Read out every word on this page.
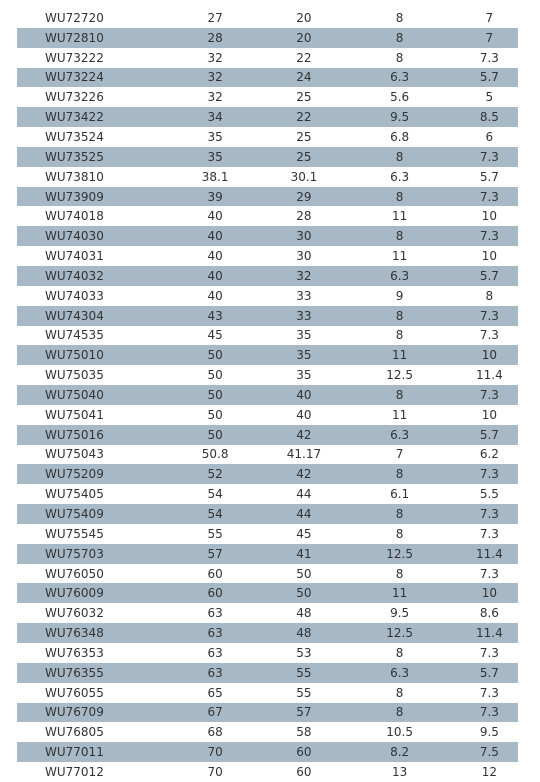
WU72720	27	20	8	7
WU72810	28	20	8	7
WU73222	32	22	8	7.3
WU73224	32	24	6.3	5.7
WU73226	32	25	5.6	5
WU73422	34	22	9.5	8.5
WU73524	35	25	6.8	6
WU73525	35	25	8	7.3
WU73810	38.1	30.1	6.3	5.7
WU73909	39	29	8	7.3
WU74018	40	28	11	10
WU74030	40	30	8	7.3
WU74031	40	30	11	10
WU74032	40	32	6.3	5.7
WU74033	40	33	9	8
WU74304	43	33	8	7.3
WU74535	45	35	8	7.3
WU75010	50	35	11	10
WU75035	50	35	12.5	11.4
WU75040	50	40	8	7.3
WU75041	50	40	11	10
WU75016	50	42	6.3	5.7
WU75043	50.8	41.17	7	6.2
WU75209	52	42	8	7.3
WU75405	54	44	6.1	5.5
WU75409	54	44	8	7.3
WU75545	55	45	8	7.3
WU75703	57	41	12.5	11.4
WU76050	60	50	8	7.3
WU76009	60	50	11	10
WU76032	63	48	9.5	8.6
WU76348	63	48	12.5	11.4
WU76353	63	53	8	7.3
WU76355	63	55	6.3	5.7
WU76055	65	55	8	7.3
WU76709	67	57	8	7.3
WU76805	68	58	10.5	9.5
WU77011	70	60	8.2	7.5
WU77012	70	60	13	12
